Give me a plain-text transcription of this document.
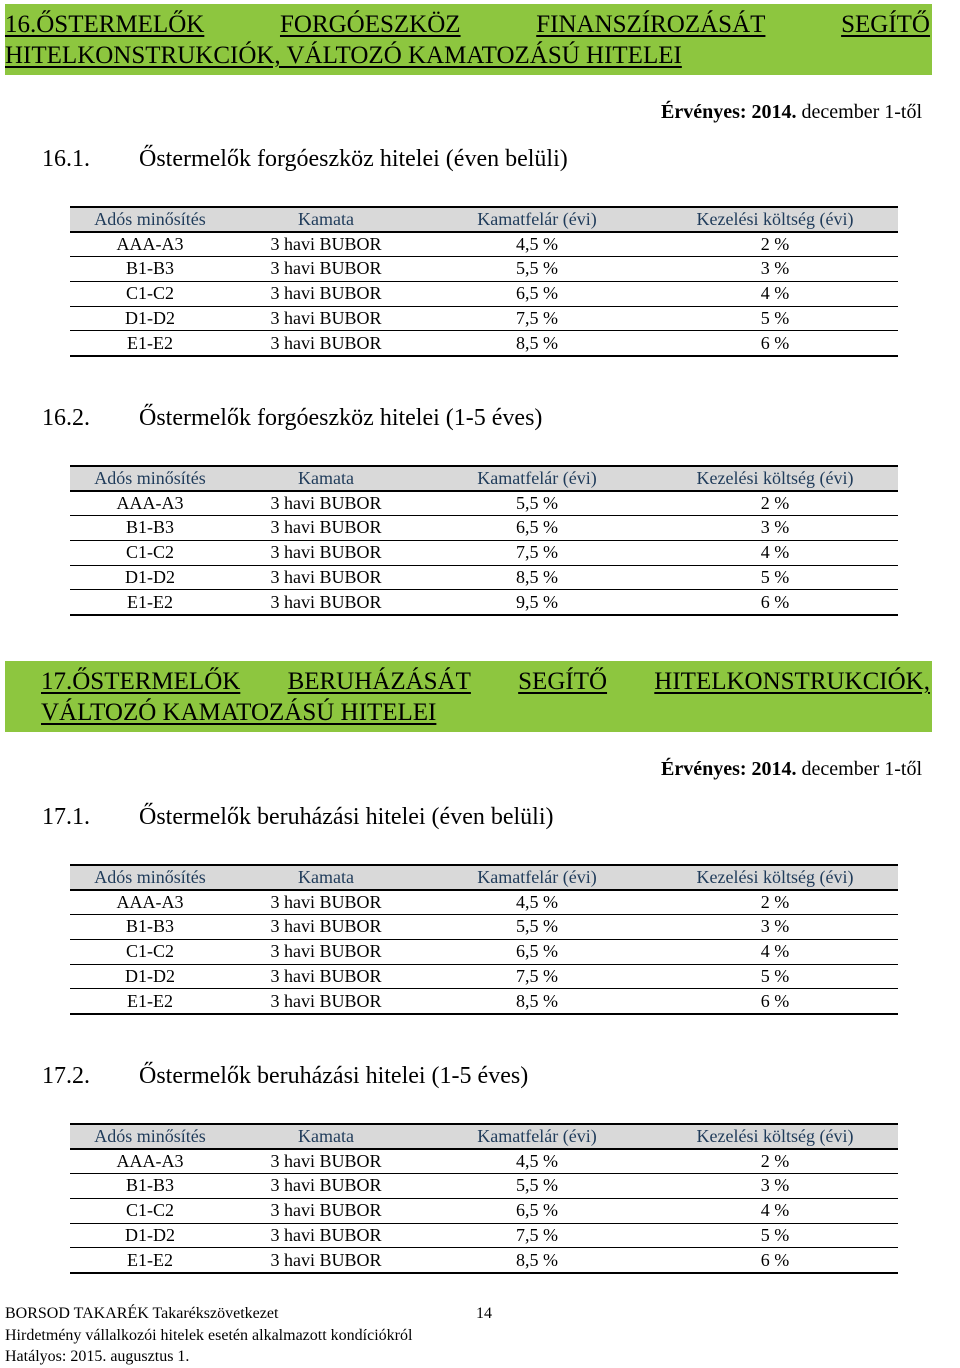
16.ŐSTERMELŐK	FORGÓESZKÖZ	FINANSZÍROZÁSÁT	SEGÍTŐ
HITELKONSTRUKCIÓK, VÁLTOZÓ KAMATOZÁSÚ HITELEI
Érvényes: 2014. december 1-től
16.1. Őstermelők forgóeszköz hitelei (éven belüli)
Adós minősítés	Kamata	Kamatfelár (évi)	Kezelési költség (évi)
AAA-A3	3 havi BUBOR	4,5 %	2 %
B1-B3	3 havi BUBOR	5,5 %	3 %
C1-C2	3 havi BUBOR	6,5 %	4 %
D1-D2	3 havi BUBOR	7,5 %	5 %
E1-E2	3 havi BUBOR	8,5 %	6 %
16.2. Őstermelők forgóeszköz hitelei (1-5 éves)
Adós minősítés	Kamata	Kamatfelár (évi)	Kezelési költség (évi)
AAA-A3	3 havi BUBOR	5,5 %	2 %
B1-B3	3 havi BUBOR	6,5 %	3 %
C1-C2	3 havi BUBOR	7,5 %	4 %
D1-D2	3 havi BUBOR	8,5 %	5 %
E1-E2	3 havi BUBOR	9,5 %	6 %
17.ŐSTERMELŐK BERUHÁZÁSÁT SEGÍTŐ HITELKONSTRUKCIÓK,
VÁLTOZÓ KAMATOZÁSÚ HITELEI
Érvényes: 2014. december 1-től
17.1. Őstermelők beruházási hitelei (éven belüli)
Adós minősítés	Kamata	Kamatfelár (évi)	Kezelési költség (évi)
AAA-A3	3 havi BUBOR	4,5 %	2 %
B1-B3	3 havi BUBOR	5,5 %	3 %
C1-C2	3 havi BUBOR	6,5 %	4 %
D1-D2	3 havi BUBOR	7,5 %	5 %
E1-E2	3 havi BUBOR	8,5 %	6 %
17.2. Őstermelők beruházási hitelei (1-5 éves)
Adós minősítés	Kamata	Kamatfelár (évi)	Kezelési költség (évi)
AAA-A3	3 havi BUBOR	4,5 %	2 %
B1-B3	3 havi BUBOR	5,5 %	3 %
C1-C2	3 havi BUBOR	6,5 %	4 %
D1-D2	3 havi BUBOR	7,5 %	5 %
E1-E2	3 havi BUBOR	8,5 %	6 %
BORSOD TAKARÉK Takarékszövetkezet	14
Hirdetmény vállalkozói hitelek esetén alkalmazott kondíciókról
Hatályos: 2015. augusztus 1.
